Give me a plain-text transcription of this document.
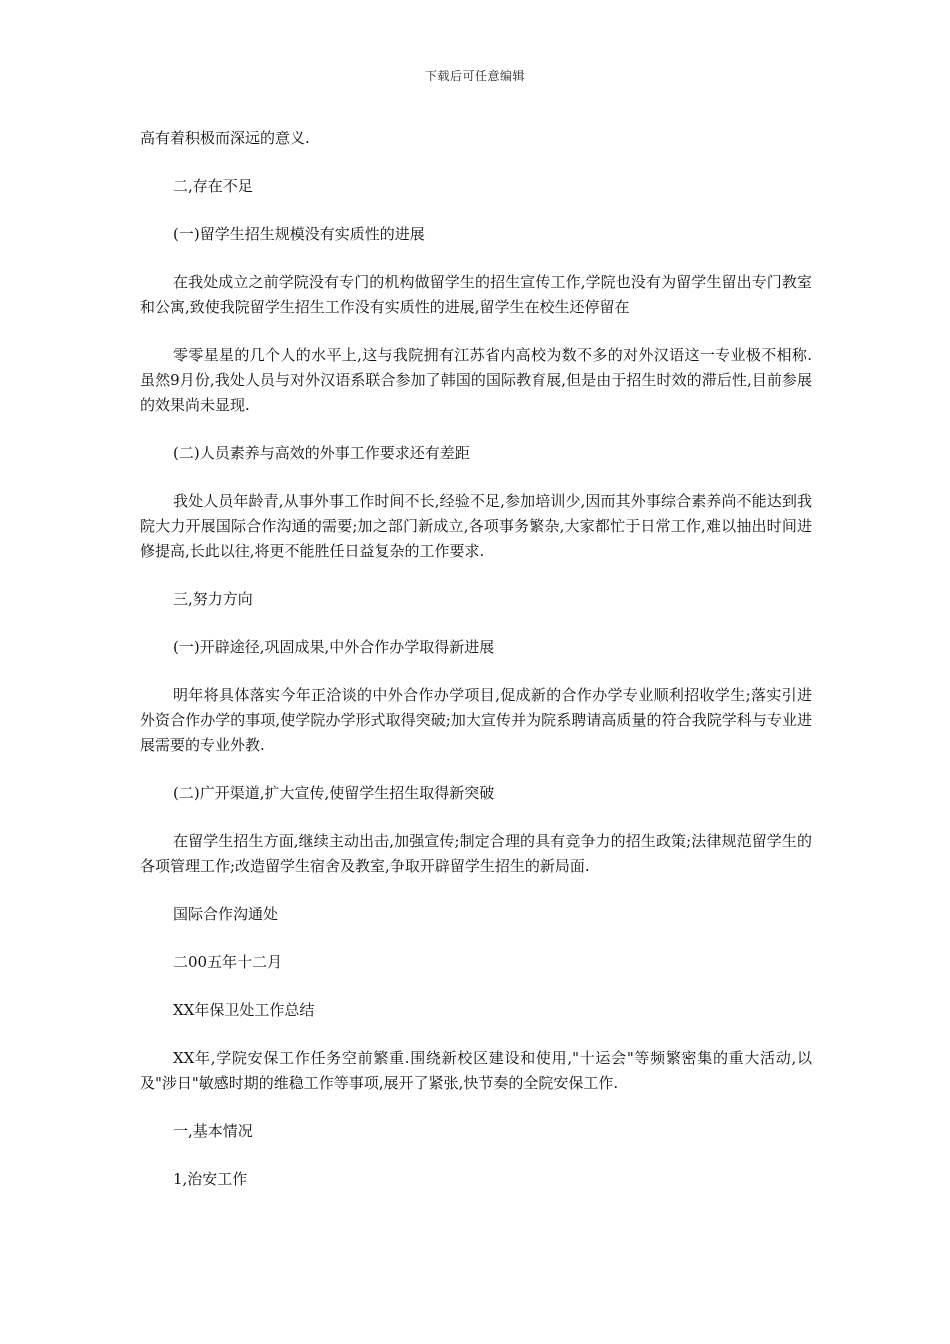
下载后可任意编辑

高有着积极而深远的意义.

二,存在不足

(一)留学生招生规模没有实质性的进展

在我处成立之前学院没有专门的机构做留学生的招生宣传工作,学院也没有为留学生留出专门教室和公寓,致使我院留学生招生工作没有实质性的进展,留学生在校生还停留在

零零星星的几个人的水平上,这与我院拥有江苏省内高校为数不多的对外汉语这一专业极不相称.虽然9月份,我处人员与对外汉语系联合参加了韩国的国际教育展,但是由于招生时效的滞后性,目前参展的效果尚未显现.

(二)人员素养与高效的外事工作要求还有差距

我处人员年龄青,从事外事工作时间不长,经验不足,参加培训少,因而其外事综合素养尚不能达到我院大力开展国际合作沟通的需要;加之部门新成立,各项事务繁杂,大家都忙于日常工作,难以抽出时间进修提高,长此以往,将更不能胜任日益复杂的工作要求.

三,努力方向

(一)开辟途径,巩固成果,中外合作办学取得新进展

明年将具体落实今年正洽谈的中外合作办学项目,促成新的合作办学专业顺利招收学生;落实引进外资合作办学的事项,使学院办学形式取得突破;加大宣传并为院系聘请高质量的符合我院学科与专业进展需要的专业外教.

(二)广开渠道,扩大宣传,使留学生招生取得新突破

在留学生招生方面,继续主动出击,加强宣传;制定合理的具有竞争力的招生政策;法律规范留学生的各项管理工作;改造留学生宿舍及教室,争取开辟留学生招生的新局面.

国际合作沟通处

二00五年十二月

XX年保卫处工作总结

XX年,学院安保工作任务空前繁重.围绕新校区建设和使用,"十运会"等频繁密集的重大活动,以及"涉日"敏感时期的维稳工作等事项,展开了紧张,快节奏的全院安保工作.

一,基本情况

1,治安工作
